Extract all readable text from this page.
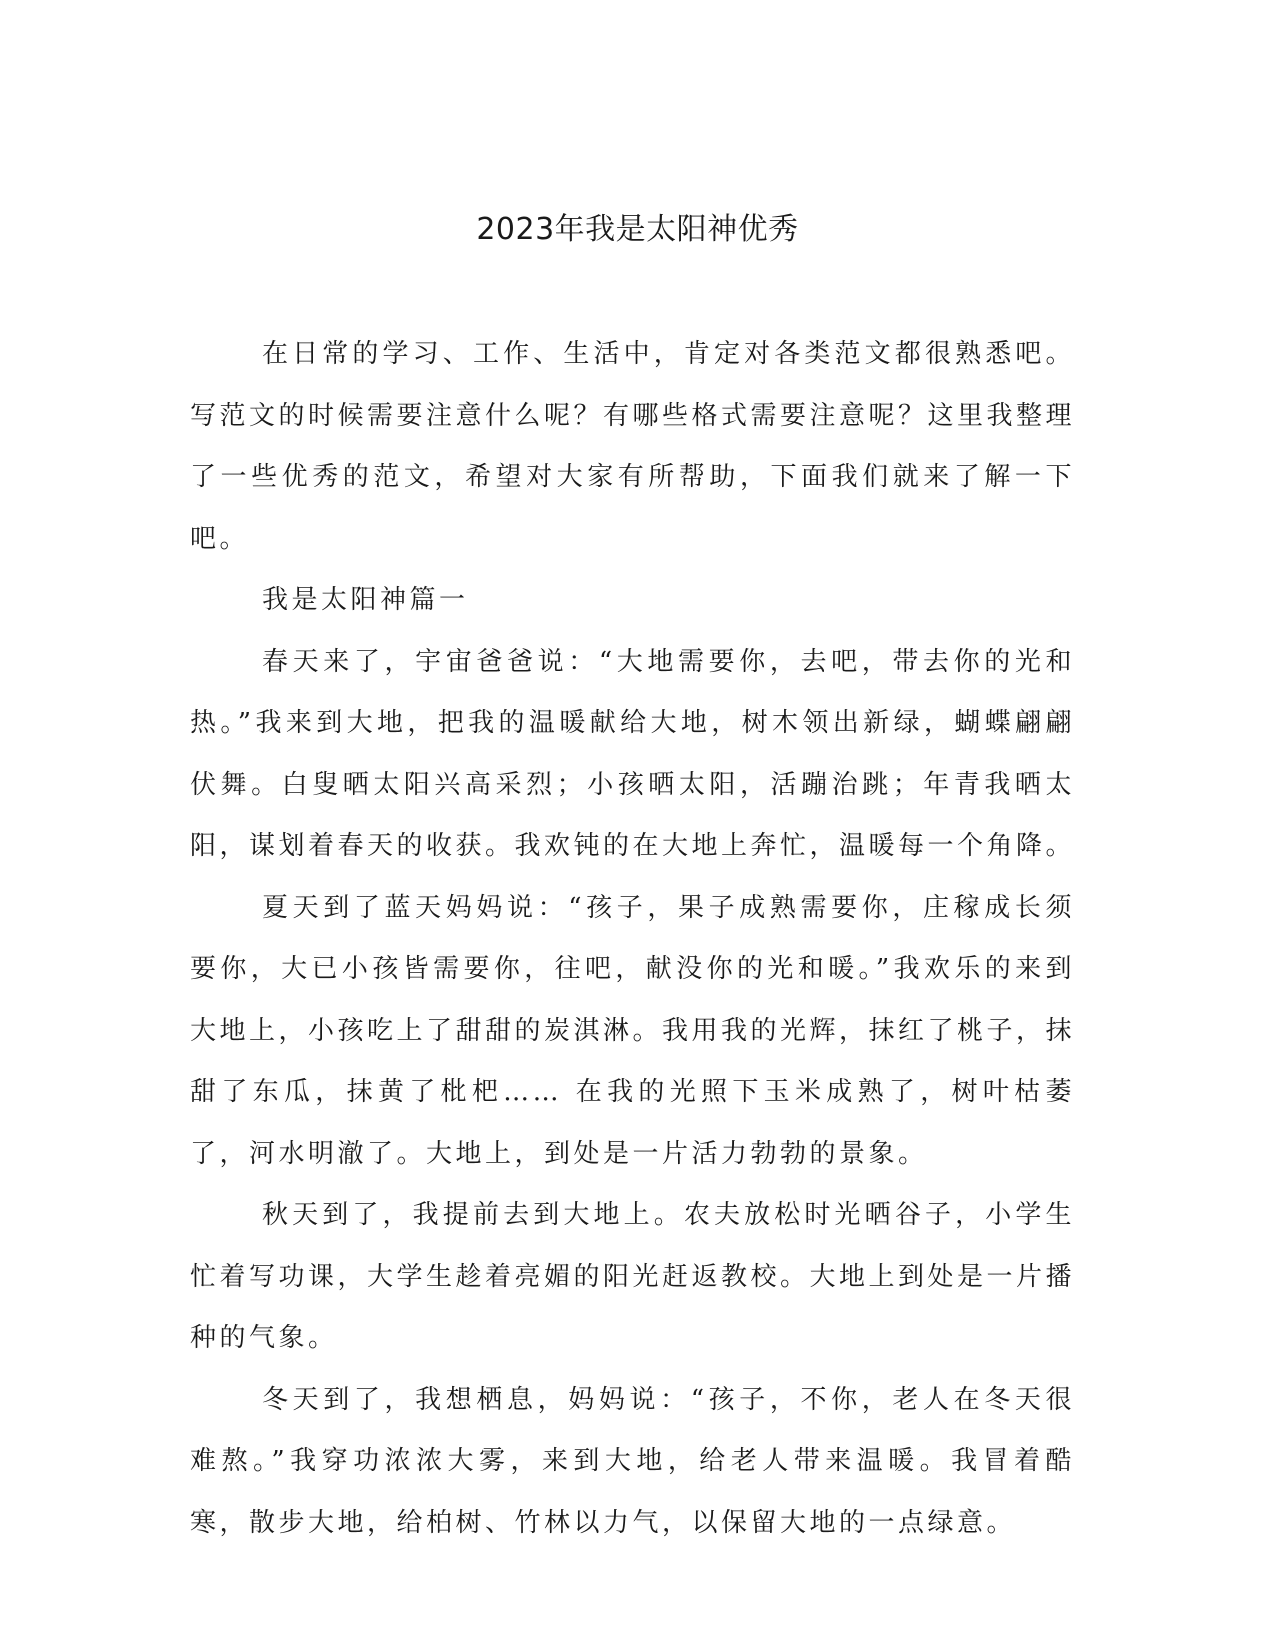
2023年我是太阳神优秀

在日常的学习、工作、生活中，肯定对各类范文都很熟悉吧。写范文的时候需要注意什么呢？有哪些格式需要注意呢？这里我整理了一些优秀的范文，希望对大家有所帮助，下面我们就来了解一下吧。

我是太阳神篇一

春天来了，宇宙爸爸说：“大地需要你，去吧，带去你的光和热。”我来到大地，把我的温暖献给大地，树木领出新绿，蝴蝶翩翩伏舞。白叟晒太阳兴高采烈；小孩晒太阳，活蹦治跳；年青我晒太阳，谋划着春天的收获。我欢钝的在大地上奔忙，温暖每一个角降。

夏天到了蓝天妈妈说：“孩子，果子成熟需要你，庄稼成长须要你，大已小孩皆需要你，往吧，献没你的光和暖。”我欢乐的来到大地上，小孩吃上了甜甜的炭淇淋。我用我的光辉，抹红了桃子，抹甜了东瓜，抹黄了枇杷…… 在我的光照下玉米成熟了，树叶枯萎了，河水明澈了。大地上，到处是一片活力勃勃的景象。

秋天到了，我提前去到大地上。农夫放松时光晒谷子，小学生忙着写功课，大学生趁着亮媚的阳光赶返教校。大地上到处是一片播种的气象。

冬天到了，我想栖息，妈妈说：“孩子，不你，老人在冬天很难熬。”我穿功浓浓大雾，来到大地，给老人带来温暖。我冒着酷寒，散步大地，给柏树、竹林以力气，以保留大地的一点绿意。
